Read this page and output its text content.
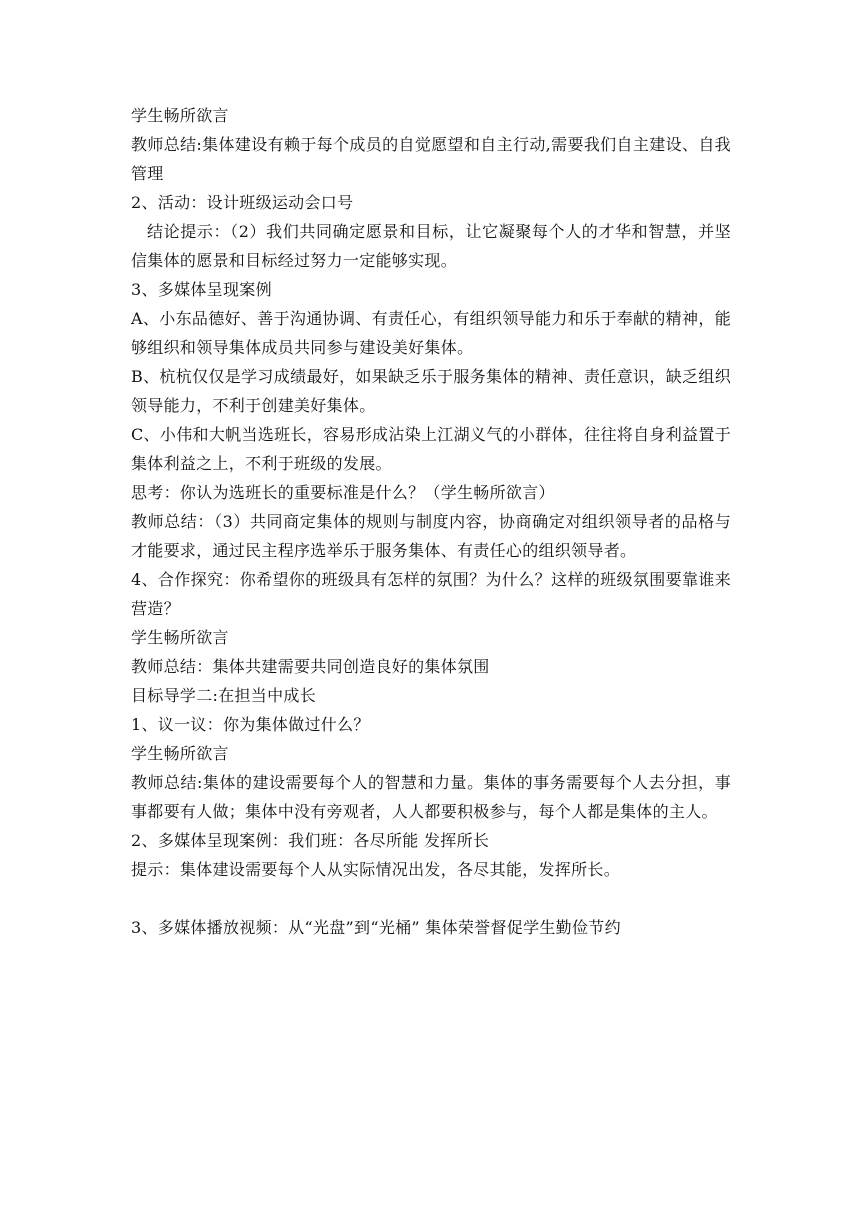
学生畅所欲言

教师总结:集体建设有赖于每个成员的自觉愿望和自主行动,需要我们自主建设、自我管理

2、活动：设计班级运动会口号

结论提示：（2）我们共同确定愿景和目标，让它凝聚每个人的才华和智慧，并坚信集体的愿景和目标经过努力一定能够实现。

3、多媒体呈现案例

A、小东品德好、善于沟通协调、有责任心，有组织领导能力和乐于奉献的精神，能够组织和领导集体成员共同参与建设美好集体。

B、杭杭仅仅是学习成绩最好，如果缺乏乐于服务集体的精神、责任意识，缺乏组织领导能力，不利于创建美好集体。

C、小伟和大帆当选班长，容易形成沾染上江湖义气的小群体，往往将自身利益置于集体利益之上，不利于班级的发展。

思考：你认为选班长的重要标准是什么？（学生畅所欲言）

教师总结：（3）共同商定集体的规则与制度内容，协商确定对组织领导者的品格与才能要求，通过民主程序选举乐于服务集体、有责任心的组织领导者。

4、合作探究：你希望你的班级具有怎样的氛围？为什么？这样的班级氛围要靠谁来营造？

学生畅所欲言

教师总结：集体共建需要共同创造良好的集体氛围

目标导学二:在担当中成长

1、议一议：你为集体做过什么？

学生畅所欲言

教师总结:集体的建设需要每个人的智慧和力量。集体的事务需要每个人去分担，事事都要有人做；集体中没有旁观者，人人都要积极参与，每个人都是集体的主人。

2、多媒体呈现案例：我们班：各尽所能 发挥所长

提示：集体建设需要每个人从实际情况出发，各尽其能，发挥所长。

3、多媒体播放视频：从“光盘”到“光桶” 集体荣誉督促学生勤俭节约
